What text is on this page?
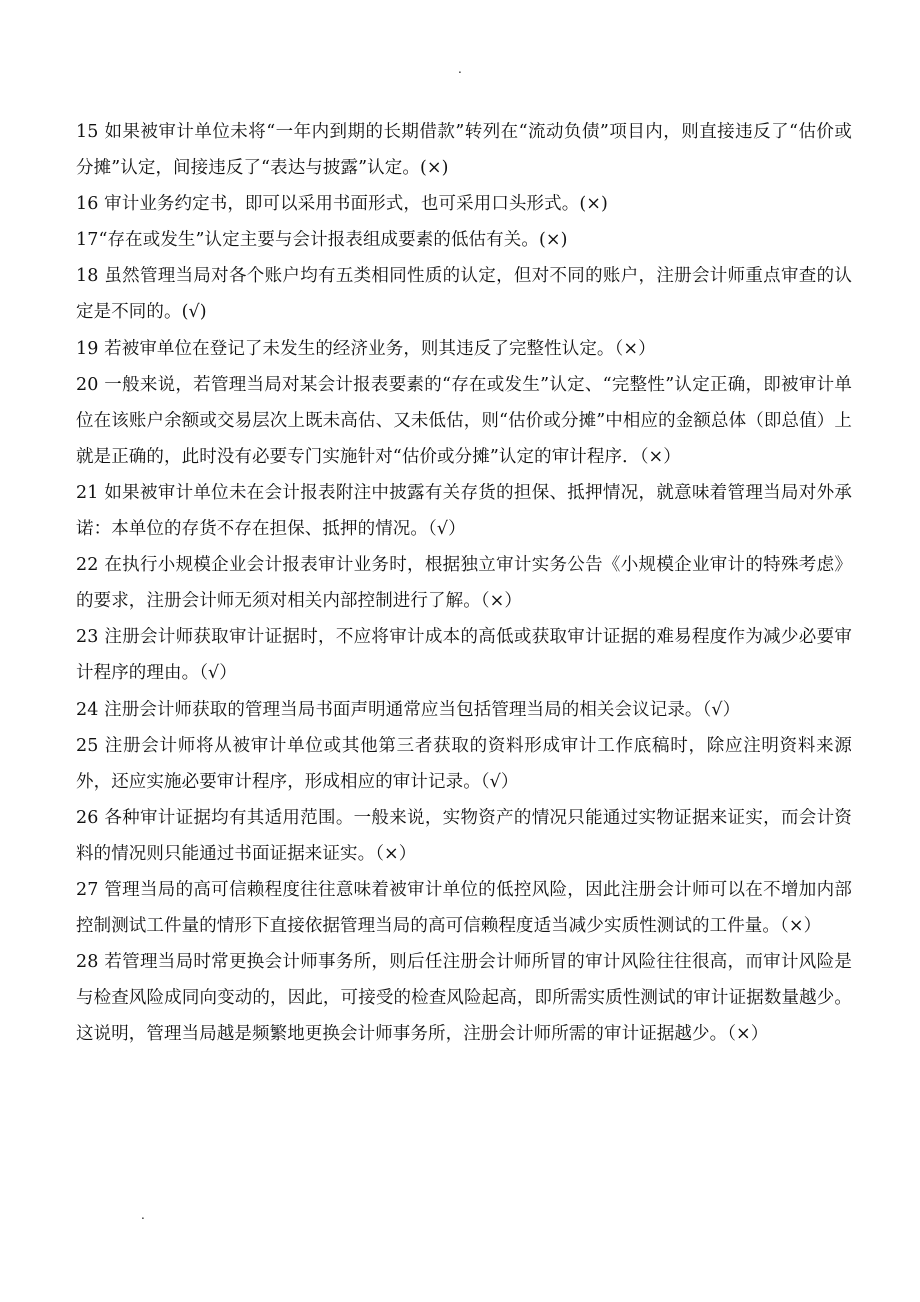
.

15 如果被审计单位未将“一年内到期的长期借款”转列在“流动负债”项目内，则直接违反了“估价或分摊”认定，间接违反了“表达与披露”认定。(×)

16 审计业务约定书，即可以采用书面形式，也可采用口头形式。(×)

17“存在或发生”认定主要与会计报表组成要素的低估有关。(×)

18 虽然管理当局对各个账户均有五类相同性质的认定，但对不同的账户，注册会计师重点审查的认定是不同的。(√)

19 若被审单位在登记了未发生的经济业务，则其违反了完整性认定。（×）

20 一般来说，若管理当局对某会计报表要素的“存在或发生”认定、“完整性”认定正确，即被审计单位在该账户余额或交易层次上既未高估、又未低估，则“估价或分摊”中相应的金额总体（即总值）上就是正确的，此时没有必要专门实施针对“估价或分摊”认定的审计程序．（×）

21 如果被审计单位未在会计报表附注中披露有关存货的担保、抵押情况，就意味着管理当局对外承诺：本单位的存货不存在担保、抵押的情况。（√）

22 在执行小规模企业会计报表审计业务时，根据独立审计实务公告《小规模企业审计的特殊考虑》的要求，注册会计师无须对相关内部控制进行了解。（×）

23 注册会计师获取审计证据时，不应将审计成本的高低或获取审计证据的难易程度作为减少必要审计程序的理由。（√）

24 注册会计师获取的管理当局书面声明通常应当包括管理当局的相关会议记录。（√）

25 注册会计师将从被审计单位或其他第三者获取的资料形成审计工作底稿时，除应注明资料来源外，还应实施必要审计程序，形成相应的审计记录。（√）

26 各种审计证据均有其适用范围。一般来说，实物资产的情况只能通过实物证据来证实，而会计资料的情况则只能通过书面证据来证实。（×）

27 管理当局的高可信赖程度往往意味着被审计单位的低控风险，因此注册会计师可以在不增加内部控制测试工件量的情形下直接依据管理当局的高可信赖程度适当减少实质性测试的工件量。（×）

28 若管理当局时常更换会计师事务所，则后任注册会计师所冒的审计风险往往很高，而审计风险是与检查风险成同向变动的，因此，可接受的检查风险起高，即所需实质性测试的审计证据数量越少。这说明，管理当局越是频繁地更换会计师事务所，注册会计师所需的审计证据越少。（×）

.
